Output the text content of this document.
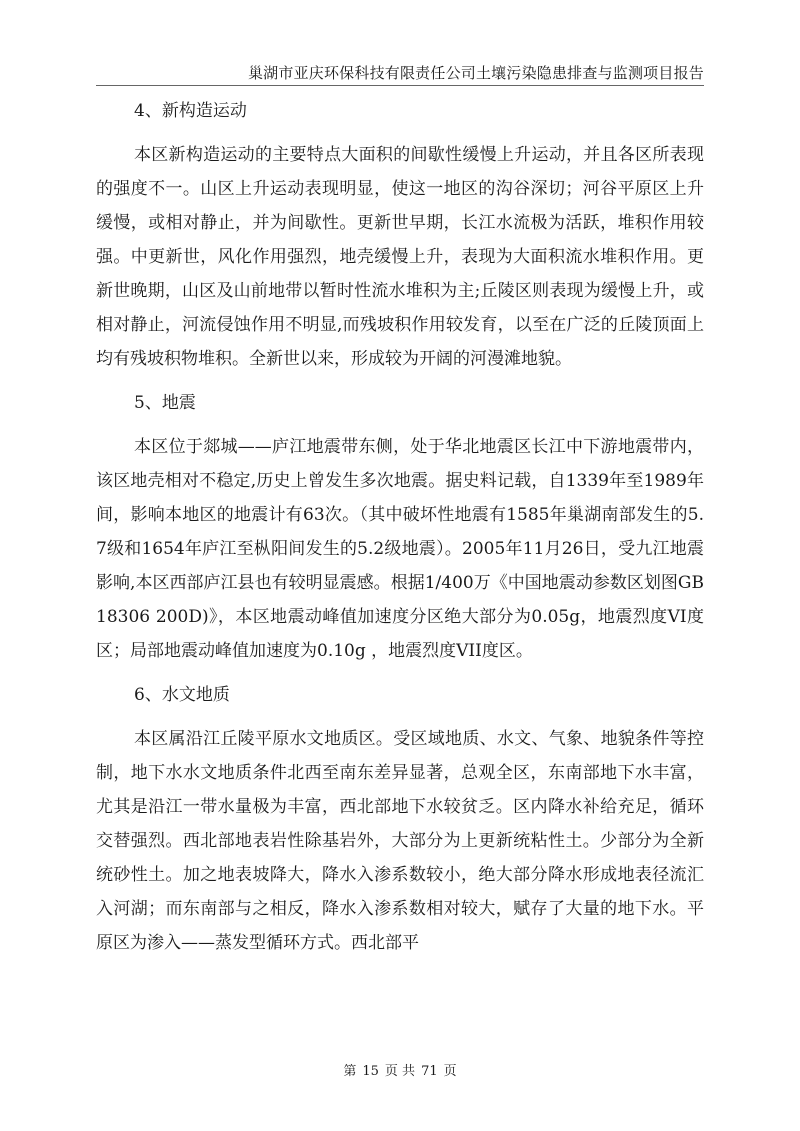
巢湖市亚庆环保科技有限责任公司土壤污染隐患排查与监测项目报告
4、新构造运动

本区新构造运动的主要特点大面积的间歇性缓慢上升运动，并且各区所表现的强度不一。山区上升运动表现明显，使这一地区的沟谷深切；河谷平原区上升缓慢，或相对静止，并为间歇性。更新世早期，长江水流极为活跃，堆积作用较强。中更新世，风化作用强烈，地壳缓慢上升，表现为大面积流水堆积作用。更新世晚期，山区及山前地带以暂时性流水堆积为主;丘陵区则表现为缓慢上升，或相对静止，河流侵蚀作用不明显,而残坡积作用较发育，以至在广泛的丘陵顶面上均有残坡积物堆积。全新世以来，形成较为开阔的河漫滩地貌。

5、地震

本区位于郯城——庐江地震带东侧，处于华北地震区长江中下游地震带内，该区地壳相对不稳定,历史上曾发生多次地震。据史料记载，自1339年至1989年间，影响本地区的地震计有63次。（其中破坏性地震有1585年巢湖南部发生的5.7级和1654年庐江至枞阳间发生的5.2级地震）。2005年11月26日，受九江地震影响,本区西部庐江县也有较明显震感。根据1/400万《中国地震动参数区划图GB18306 200D)》，本区地震动峰值加速度分区绝大部分为0.05g，地震烈度VI度区；局部地震动峰值加速度为0.10g ，地震烈度VII度区。

6、水文地质

本区属沿江丘陵平原水文地质区。受区域地质、水文、气象、地貌条件等控制，地下水水文地质条件北西至南东差异显著，总观全区，东南部地下水丰富，尤其是沿江一带水量极为丰富，西北部地下水较贫乏。区内降水补给充足，循环交替强烈。西北部地表岩性除基岩外，大部分为上更新统粘性土。少部分为全新统砂性土。加之地表坡降大，降水入渗系数较小，绝大部分降水形成地表径流汇入河湖；而东南部与之相反，降水入渗系数相对较大，赋存了大量的地下水。平原区为渗入——蒸发型循环方式。西北部平

第 15 页 共 71 页
